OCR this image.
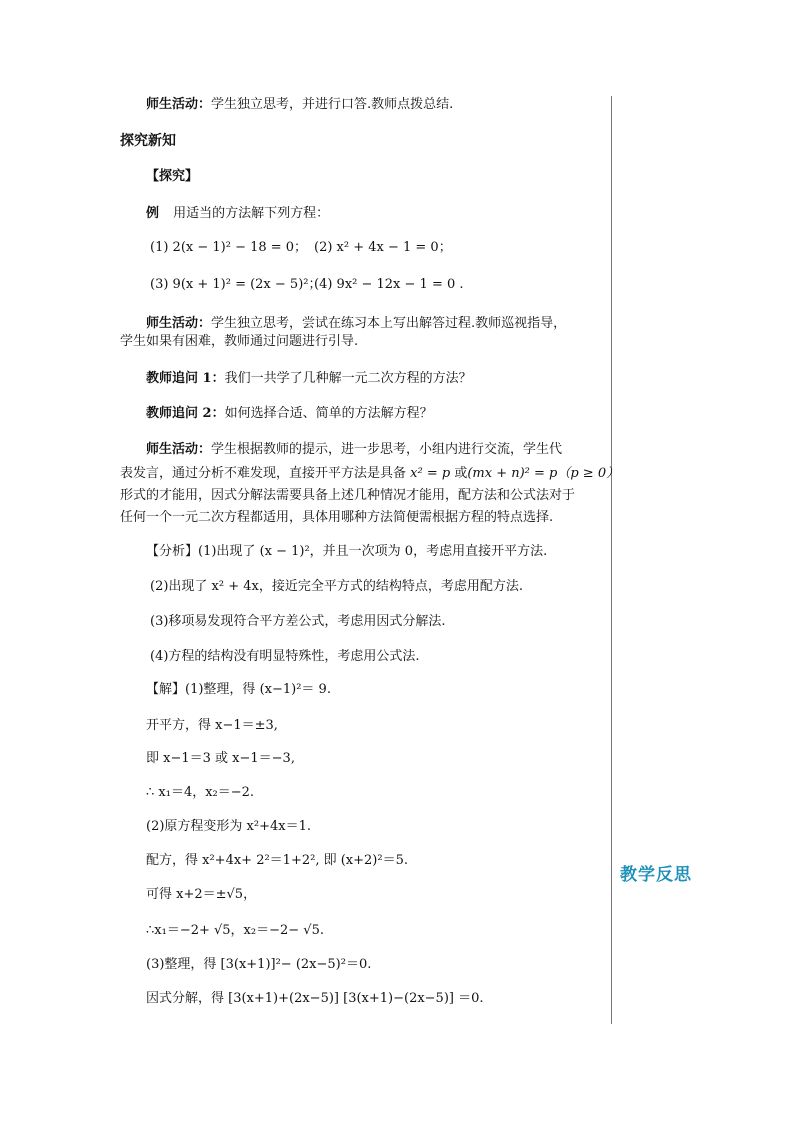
教学反思
师生活动：学生独立思考，并进行口答.教师点拨总结.
探究新知
【探究】
例 用适当的方法解下列方程：
(1) 2(x − 1)² − 18 = 0； (2) x² + 4x − 1 = 0；
(3) 9(x + 1)² = (2x − 5)²；
(4) 9x² − 12x − 1 = 0 .
师生活动：学生独立思考，尝试在练习本上写出解答过程.教师巡视指导，
学生如果有困难，教师通过问题进行引导.
教师追问 1：我们一共学了几种解一元二次方程的方法？
教师追问 2：如何选择合适、简单的方法解方程？
师生活动：学生根据教师的提示，进一步思考，小组内进行交流，学生代
表发言，通过分析不难发现，直接开平方法是具备 x² = p 或(mx + n)² = p（p ≥ 0）
形式的才能用，因式分解法需要具备上述几种情况才能用，配方法和公式法对于
任何一个一元二次方程都适用，具体用哪种方法简便需根据方程的特点选择.
【分析】(1)出现了 (x − 1)²，并且一次项为 0，考虑用直接开平方法.
(2)出现了 x² + 4x，接近完全平方式的结构特点，考虑用配方法.
(3)移项易发现符合平方差公式，考虑用因式分解法.
(4)方程的结构没有明显特殊性，考虑用公式法.
【解】(1)整理，得 (x−1)²＝ 9.
开平方，得 x−1＝±3,
即 x−1＝3 或 x−1＝−3,
∴ x₁＝4，x₂＝−2.
(2)原方程变形为 x²+4x＝1.
配方，得 x²+4x+ 2²＝1+2², 即 (x+2)²＝5.
可得 x+2＝±√5，
∴x₁＝−2+ √5，x₂＝−2− √5.
(3)整理，得 [3(x+1)]²− (2x−5)²＝0.
因式分解，得 [3(x+1)+(2x−5)] [3(x+1)−(2x−5)] ＝0.
